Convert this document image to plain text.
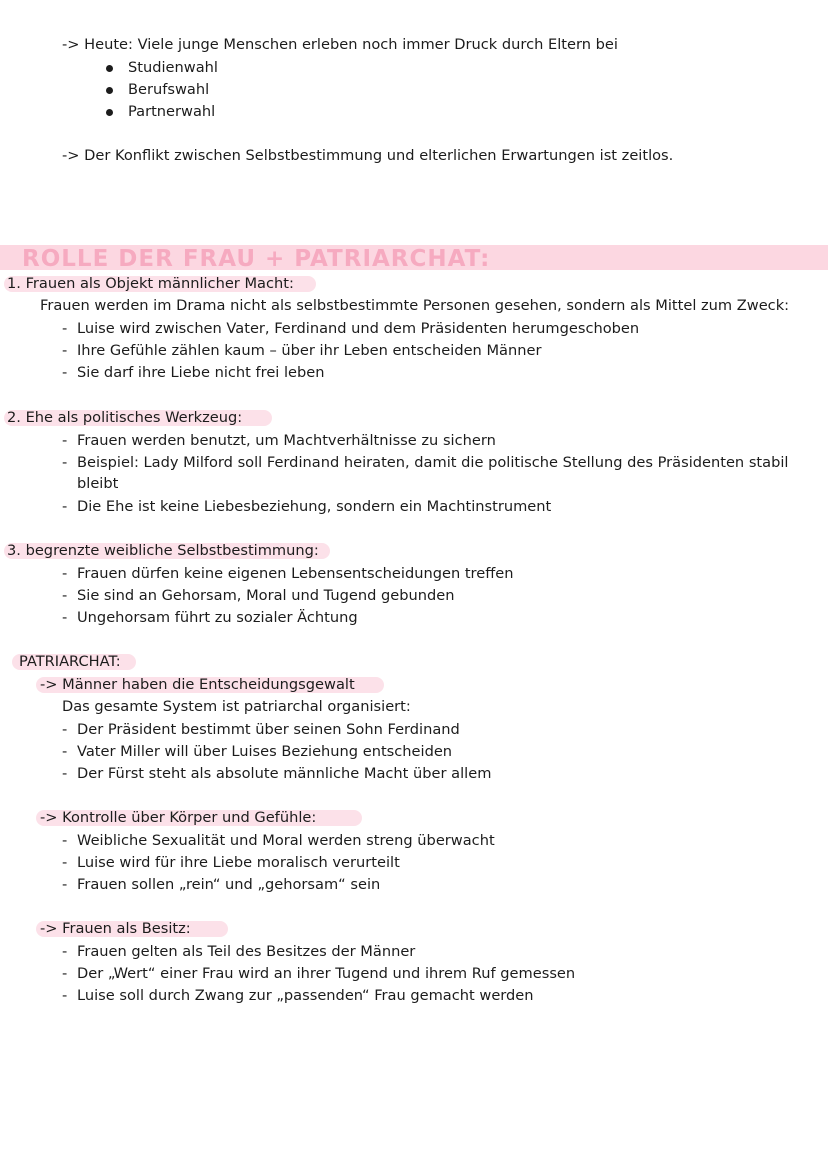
-> Heute: Viele junge Menschen erleben noch immer Druck durch Eltern bei
Studienwahl
Berufswahl
Partnerwahl
-> Der Konflikt zwischen Selbstbestimmung und elterlichen Erwartungen ist zeitlos.
ROLLE DER FRAU + PATRIARCHAT:
1. Frauen als Objekt männlicher Macht:
Frauen werden im Drama nicht als selbstbestimmte Personen gesehen, sondern als Mittel zum Zweck:
- Luise wird zwischen Vater, Ferdinand und dem Präsidenten herumgeschoben
- Ihre Gefühle zählen kaum – über ihr Leben entscheiden Männer
- Sie darf ihre Liebe nicht frei leben
2. Ehe als politisches Werkzeug:
- Frauen werden benutzt, um Machtverhältnisse zu sichern
- Beispiel: Lady Milford soll Ferdinand heiraten, damit die politische Stellung des Präsidenten stabil
bleibt
- Die Ehe ist keine Liebesbeziehung, sondern ein Machtinstrument
3. begrenzte weibliche Selbstbestimmung:
- Frauen dürfen keine eigenen Lebensentscheidungen treffen
- Sie sind an Gehorsam, Moral und Tugend gebunden
- Ungehorsam führt zu sozialer Ächtung
PATRIARCHAT:
-> Männer haben die Entscheidungsgewalt
Das gesamte System ist patriarchal organisiert:
- Der Präsident bestimmt über seinen Sohn Ferdinand
- Vater Miller will über Luises Beziehung entscheiden
- Der Fürst steht als absolute männliche Macht über allem
-> Kontrolle über Körper und Gefühle:
- Weibliche Sexualität und Moral werden streng überwacht
- Luise wird für ihre Liebe moralisch verurteilt
- Frauen sollen „rein“ und „gehorsam“ sein
-> Frauen als Besitz:
- Frauen gelten als Teil des Besitzes der Männer
- Der „Wert“ einer Frau wird an ihrer Tugend und ihrem Ruf gemessen
- Luise soll durch Zwang zur „passenden“ Frau gemacht werden
